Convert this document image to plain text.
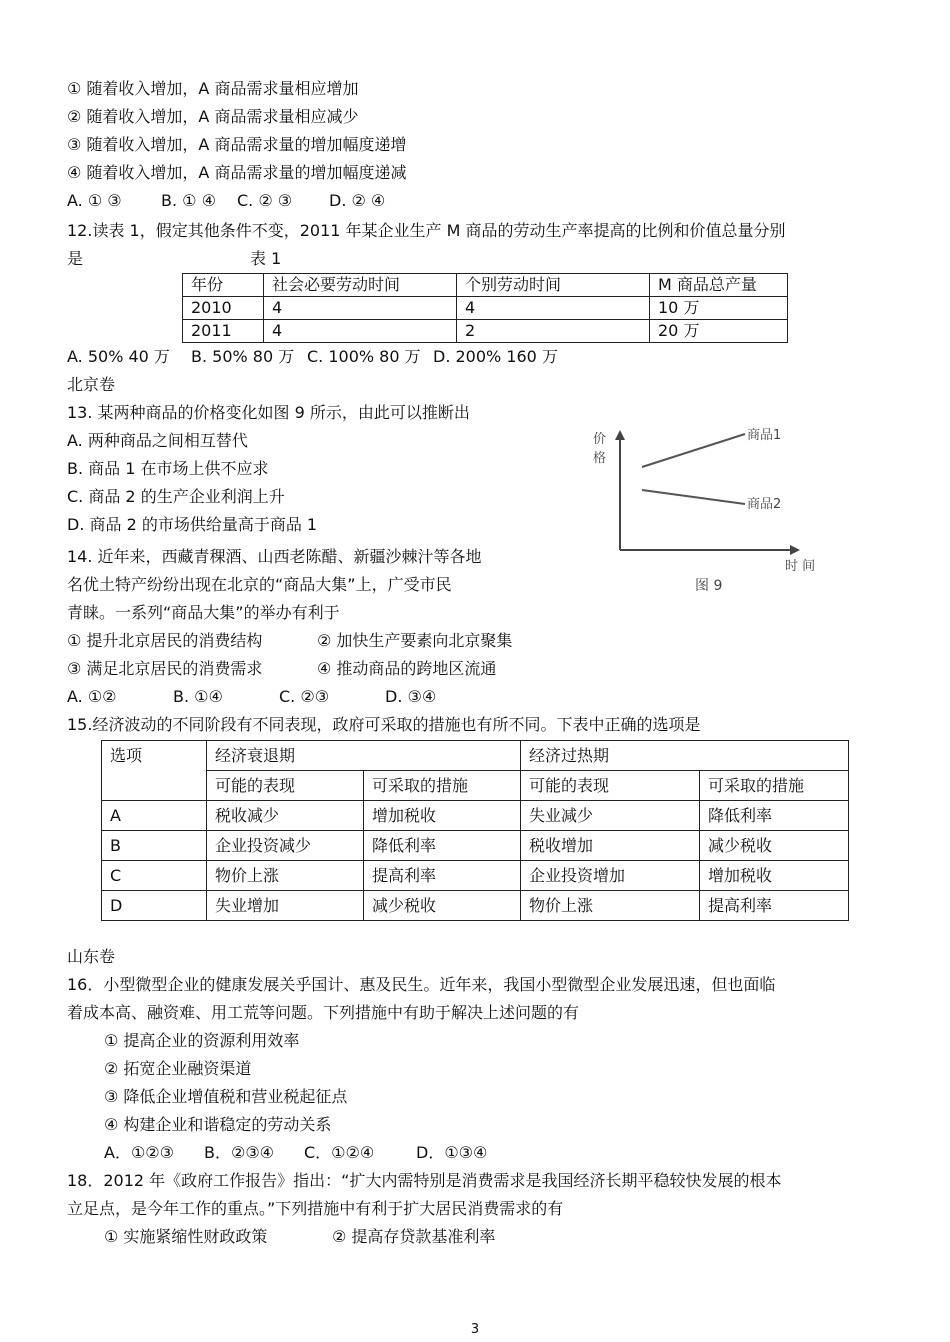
① 随着收入增加，A 商品需求量相应增加
② 随着收入增加，A 商品需求量相应减少
③ 随着收入增加，A 商品需求量的增加幅度递增
④ 随着收入增加，A 商品需求量的增加幅度递减
A. ① ③ B. ① ④ C. ② ③ D. ② ④
12.读表 1，假定其他条件不变，2011 年某企业生产 M 商品的劳动生产率提高的比例和价值总量分别
是	表 1
年份	社会必要劳动时间	个别劳动时间	M 商品总产量
2010	4	4	10 万
2011	4	2	20 万
A. 50% 40 万 B. 50% 80 万 C. 100% 80 万 D. 200% 160 万
北京卷
13. 某两种商品的价格变化如图 9 所示，由此可以推断出
A. 两种商品之间相互替代
B. 商品 1 在市场上供不应求
C. 商品 2 的生产企业利润上升
D. 商品 2 的市场供给量高于商品 1
价
格
商品1
商品2
时 间
图 9
14. 近年来，西藏青稞酒、山西老陈醋、新疆沙棘汁等各地
名优土特产纷纷出现在北京的“商品大集”上，广受市民
青睐。一系列“商品大集”的举办有利于
① 提升北京居民的消费结构	② 加快生产要素向北京聚集
③ 满足北京居民的消费需求	④ 推动商品的跨地区流通
A. ①②	B. ①④	C. ②③	D. ③④
15.经济波动的不同阶段有不同表现，政府可采取的措施也有所不同。下表中正确的选项是
选项	经济衰退期		经济过热期	
	可能的表现	可采取的措施	可能的表现	可采取的措施
A	税收减少	增加税收	失业减少	降低利率
B	企业投资减少	降低利率	税收增加	减少税收
C	物价上涨	提高利率	企业投资增加	增加税收
D	失业增加	减少税收	物价上涨	提高利率
山东卷
16．小型微型企业的健康发展关乎国计、惠及民生。近年来，我国小型微型企业发展迅速，但也面临
着成本高、融资难、用工荒等问题。下列措施中有助于解决上述问题的有
① 提高企业的资源利用效率
② 拓宽企业融资渠道
③ 降低企业增值税和营业税起征点
④ 构建企业和谐稳定的劳动关系
A．①②③ B．②③④ C．①②④	D．①③④
18．2012 年《政府工作报告》指出：“扩大内需特别是消费需求是我国经济长期平稳较快发展的根本
立足点，是今年工作的重点。”下列措施中有利于扩大居民消费需求的有
① 实施紧缩性财政政策	② 提高存贷款基准利率
3
